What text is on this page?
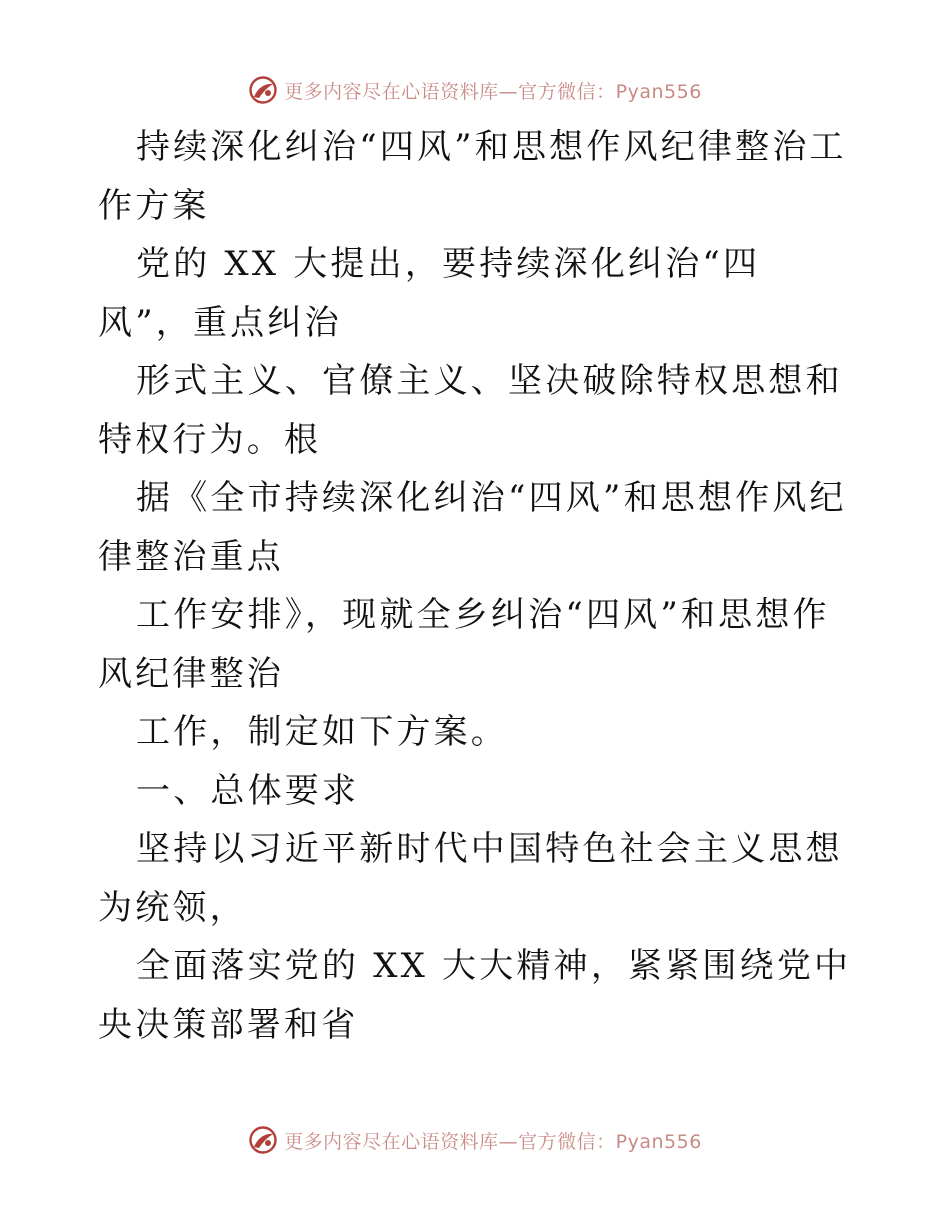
更多内容尽在心语资料库—官方微信：Pyan556

持续深化纠治“四风”和思想作风纪律整治工作方案

党的 XX 大提出，要持续深化纠治“四风”，重点纠治

形式主义、官僚主义、坚决破除特权思想和特权行为。根

据《全市持续深化纠治“四风”和思想作风纪律整治重点

工作安排》，现就全乡纠治“四风”和思想作风纪律整治

工作，制定如下方案。

一、总体要求

坚持以习近平新时代中国特色社会主义思想为统领，

全面落实党的 XX 大大精神，紧紧围绕党中央决策部署和省

更多内容尽在心语资料库—官方微信：Pyan556
